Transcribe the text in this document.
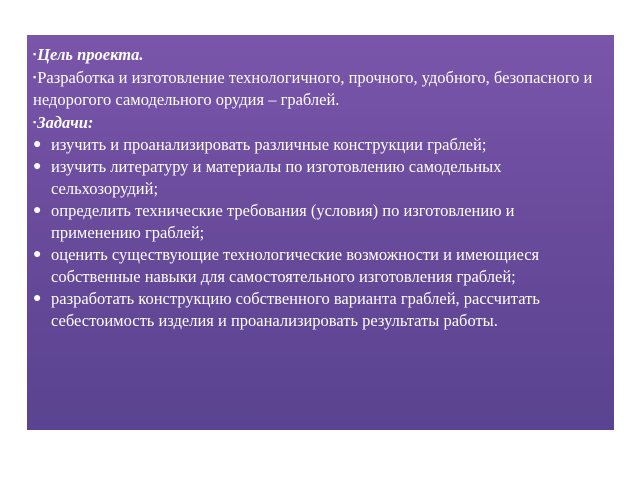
▪Цель проекта.

▪Разработка и изготовление технологичного, прочного, удобного, безопасного и недорогого самодельного орудия – граблей.

▪Задачи:

● изучить и проанализировать различные конструкции граблей;
● изучить литературу и материалы по изготовлению самодельных сельхозорудий;
● определить технические требования (условия) по изготовлению и применению граблей;
● оценить существующие технологические возможности и имеющиеся собственные навыки для самостоятельного изготовления граблей;
● разработать конструкцию собственного варианта граблей, рассчитать себестоимость изделия и проанализировать результаты работы.
